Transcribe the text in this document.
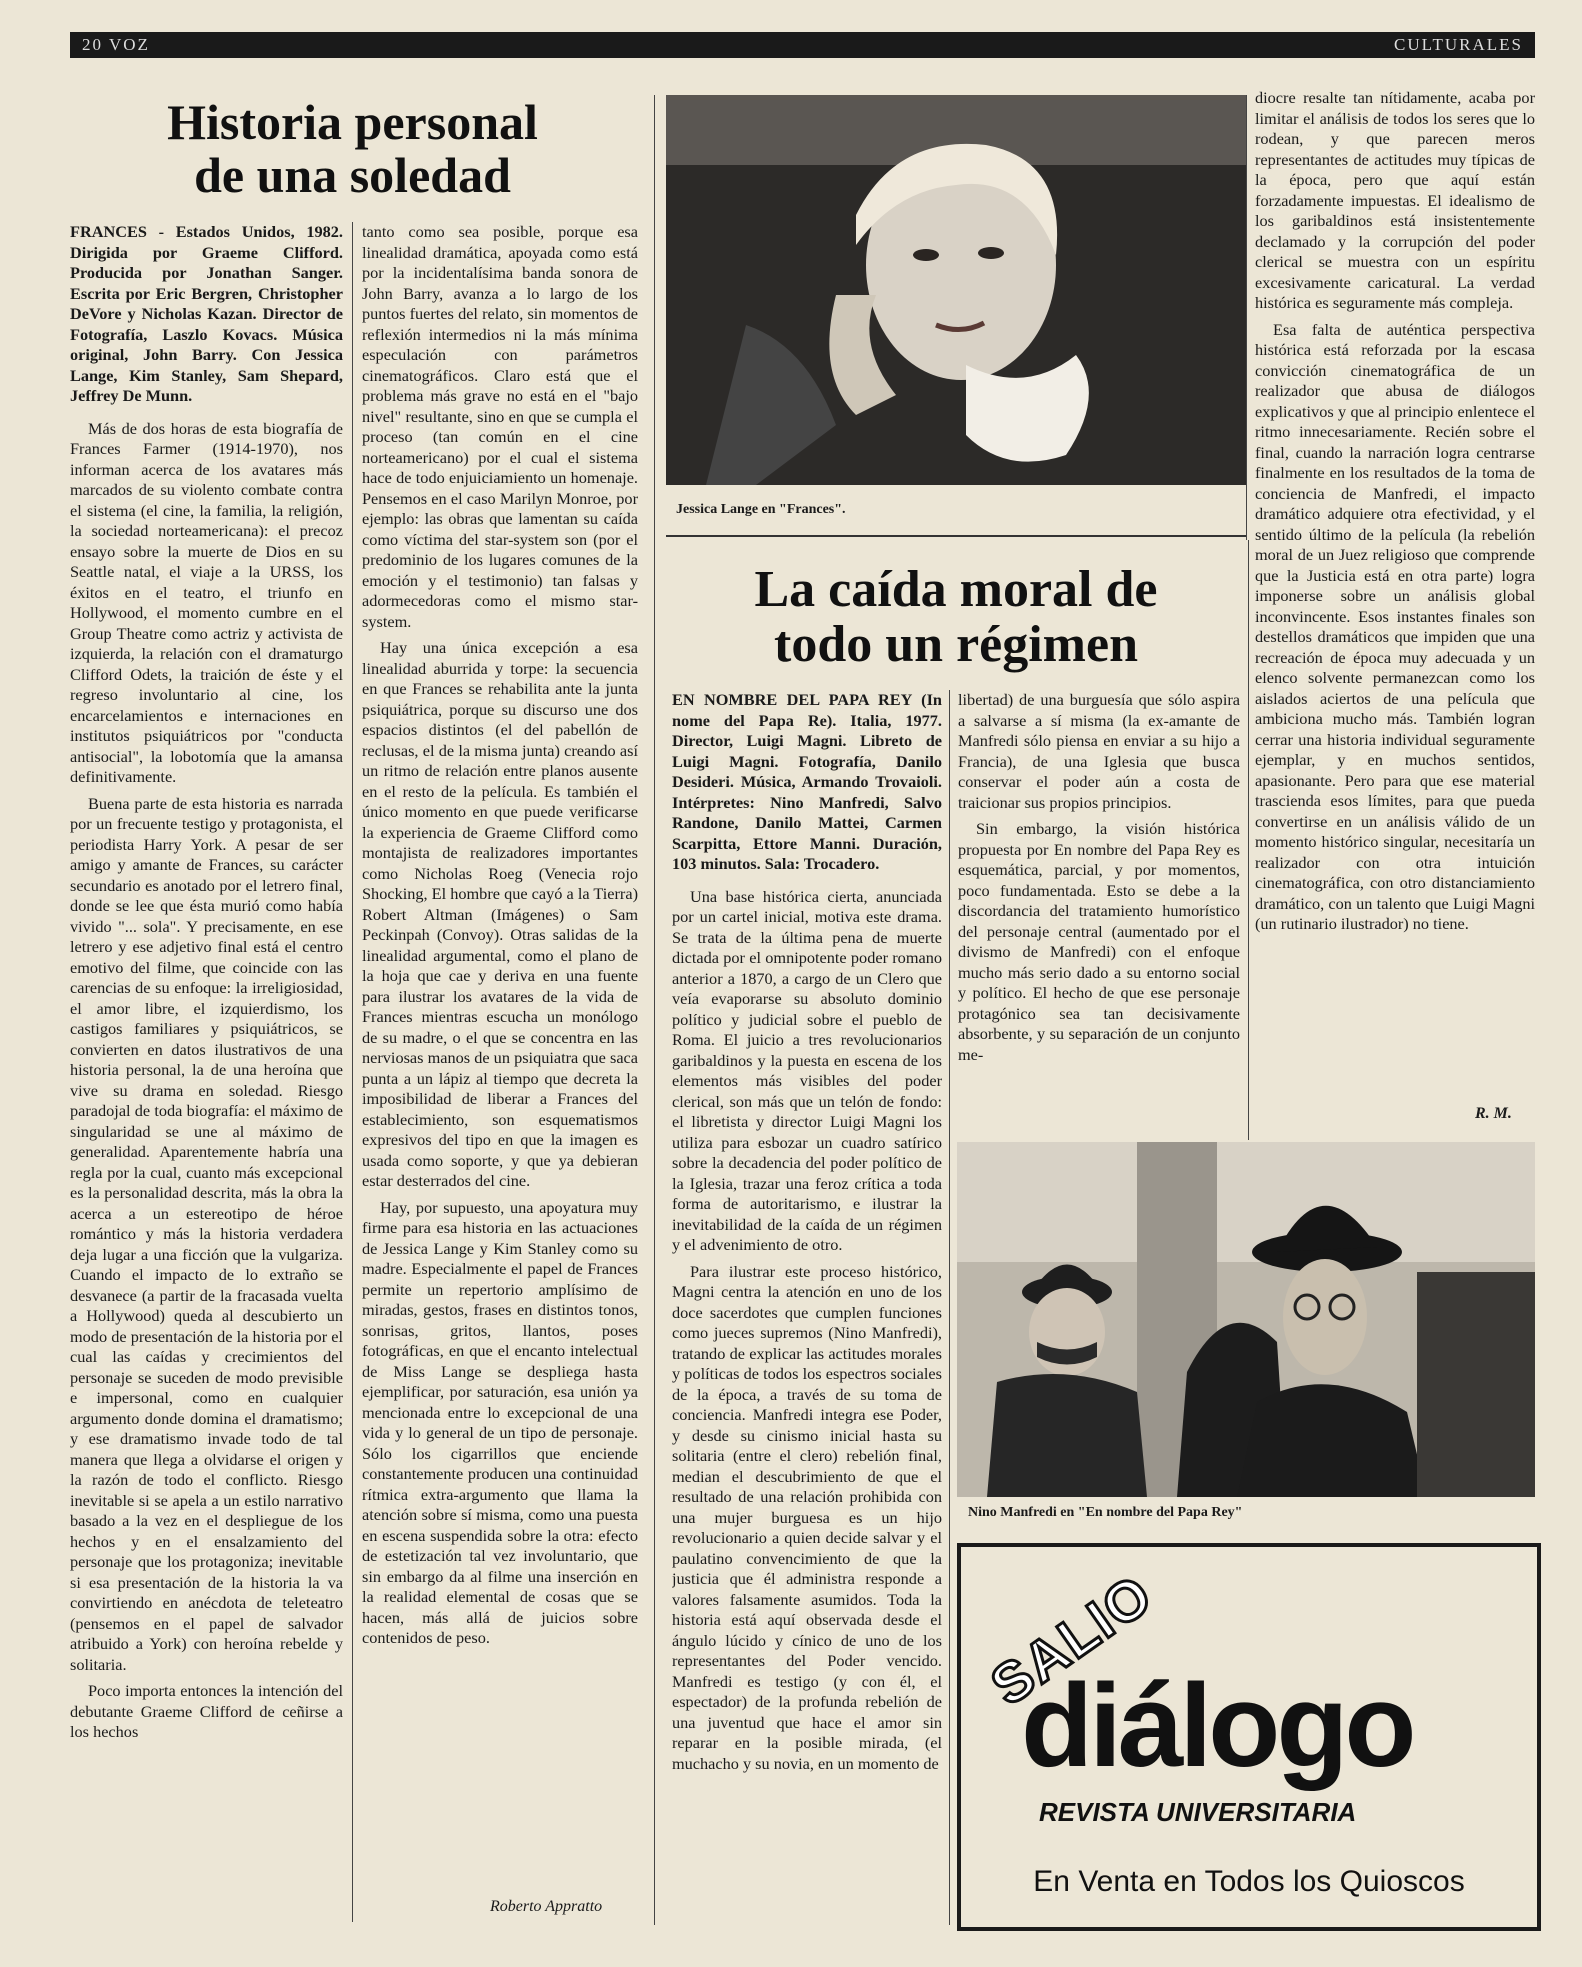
20 VOZ	CULTURALES
Historia personal
de una soledad

FRANCES - Estados Unidos, 1982. Dirigida por Graeme Clifford. Producida por Jonathan Sanger. Escrita por Eric Bergren, Christopher DeVore y Nicholas Kazan. Director de Fotografía, Laszlo Kovacs. Música original, John Barry. Con Jessica Lange, Kim Stanley, Sam Shepard, Jeffrey De Munn.

Más de dos horas de esta biografía de Frances Farmer (1914-1970), nos informan acerca de los avatares más marcados de su violento combate contra el sistema (el cine, la familia, la religión, la sociedad norteamericana): el precoz ensayo sobre la muerte de Dios en su Seattle natal, el viaje a la URSS, los éxitos en el teatro, el triunfo en Hollywood, el momento cumbre en el Group Theatre como actriz y activista de izquierda, la relación con el dramaturgo Clifford Odets, la traición de éste y el regreso involuntario al cine, los encarcelamientos e internaciones en institutos psiquiátricos por "conducta antisocial", la lobotomía que la amansa definitivamente.

Buena parte de esta historia es narrada por un frecuente testigo y protagonista, el periodista Harry York. A pesar de ser amigo y amante de Frances, su carácter secundario es anotado por el letrero final, donde se lee que ésta murió como había vivido "... sola". Y precisamente, en ese letrero y ese adjetivo final está el centro emotivo del filme, que coincide con las carencias de su enfoque: la irreligiosidad, el amor libre, el izquierdismo, los castigos familiares y psiquiátricos, se convierten en datos ilustrativos de una historia personal, la de una heroína que vive su drama en soledad. Riesgo paradojal de toda biografía: el máximo de singularidad se une al máximo de generalidad. Aparentemente habría una regla por la cual, cuanto más excepcional es la personalidad descrita, más la obra la acerca a un estereotipo de héroe romántico y más la historia verdadera deja lugar a una ficción que la vulgariza. Cuando el impacto de lo extraño se desvanece (a partir de la fracasada vuelta a Hollywood) queda al descubierto un modo de presentación de la historia por el cual las caídas y crecimientos del personaje se suceden de modo previsible e impersonal, como en cualquier argumento donde domina el dramatismo; y ese dramatismo invade todo de tal manera que llega a olvidarse el origen y la razón de todo el conflicto. Riesgo inevitable si se apela a un estilo narrativo basado a la vez en el despliegue de los hechos y en el ensalzamiento del personaje que los protagoniza; inevitable si esa presentación de la historia la va convirtiendo en anécdota de teleteatro (pensemos en el papel de salvador atribuido a York) con heroína rebelde y solitaria.

Poco importa entonces la intención del debutante Graeme Clifford de ceñirse a los hechos

tanto como sea posible, porque esa linealidad dramática, apoyada como está por la incidentalísima banda sonora de John Barry, avanza a lo largo de los puntos fuertes del relato, sin momentos de reflexión intermedios ni la más mínima especulación con parámetros cinematográficos. Claro está que el problema más grave no está en el "bajo nivel" resultante, sino en que se cumpla el proceso (tan común en el cine norteamericano) por el cual el sistema hace de todo enjuiciamiento un homenaje. Pensemos en el caso Marilyn Monroe, por ejemplo: las obras que lamentan su caída como víctima del star-system son (por el predominio de los lugares comunes de la emoción y el testimonio) tan falsas y adormecedoras como el mismo star-system.

Hay una única excepción a esa linealidad aburrida y torpe: la secuencia en que Frances se rehabilita ante la junta psiquiátrica, porque su discurso une dos espacios distintos (el del pabellón de reclusas, el de la misma junta) creando así un ritmo de relación entre planos ausente en el resto de la película. Es también el único momento en que puede verificarse la experiencia de Graeme Clifford como montajista de realizadores importantes como Nicholas Roeg (Venecia rojo Shocking, El hombre que cayó a la Tierra) Robert Altman (Imágenes) o Sam Peckinpah (Convoy). Otras salidas de la linealidad argumental, como el plano de la hoja que cae y deriva en una fuente para ilustrar los avatares de la vida de Frances mientras escucha un monólogo de su madre, o el que se concentra en las nerviosas manos de un psiquiatra que saca punta a un lápiz al tiempo que decreta la imposibilidad de liberar a Frances del establecimiento, son esquematismos expresivos del tipo en que la imagen es usada como soporte, y que ya debieran estar desterrados del cine.

Hay, por supuesto, una apoyatura muy firme para esa historia en las actuaciones de Jessica Lange y Kim Stanley como su madre. Especialmente el papel de Frances permite un repertorio amplísimo de miradas, gestos, frases en distintos tonos, sonrisas, gritos, llantos, poses fotográficas, en que el encanto intelectual de Miss Lange se despliega hasta ejemplificar, por saturación, esa unión ya mencionada entre lo excepcional de una vida y lo general de un tipo de personaje. Sólo los cigarrillos que enciende constantemente producen una continuidad rítmica extra-argumento que llama la atención sobre sí misma, como una puesta en escena suspendida sobre la otra: efecto de estetización tal vez involuntario, que sin embargo da al filme una inserción en la realidad elemental de cosas que se hacen, más allá de juicios sobre contenidos de peso.

Roberto Appratto
Jessica Lange en "Frances".
La caída moral de
todo un régimen

EN NOMBRE DEL PAPA REY (In nome del Papa Re). Italia, 1977. Director, Luigi Magni. Libreto de Luigi Magni. Fotografía, Danilo Desideri. Música, Armando Trovaioli. Intérpretes: Nino Manfredi, Salvo Randone, Danilo Mattei, Carmen Scarpitta, Ettore Manni. Duración, 103 minutos. Sala: Trocadero.

Una base histórica cierta, anunciada por un cartel inicial, motiva este drama. Se trata de la última pena de muerte dictada por el omnipotente poder romano anterior a 1870, a cargo de un Clero que veía evaporarse su absoluto dominio político y judicial sobre el pueblo de Roma. El juicio a tres revolucionarios garibaldinos y la puesta en escena de los elementos más visibles del poder clerical, son más que un telón de fondo: el libretista y director Luigi Magni los utiliza para esbozar un cuadro satírico sobre la decadencia del poder político de la Iglesia, trazar una feroz crítica a toda forma de autoritarismo, e ilustrar la inevitabilidad de la caída de un régimen y el advenimiento de otro.

Para ilustrar este proceso histórico, Magni centra la atención en uno de los doce sacerdotes que cumplen funciones como jueces supremos (Nino Manfredi), tratando de explicar las actitudes morales y políticas de todos los espectros sociales de la época, a través de su toma de conciencia. Manfredi integra ese Poder, y desde su cinismo inicial hasta su solitaria (entre el clero) rebelión final, median el descubrimiento de que el resultado de una relación prohibida con una mujer burguesa es un hijo revolucionario a quien decide salvar y el paulatino convencimiento de que la justicia que él administra responde a valores falsamente asumidos. Toda la historia está aquí observada desde el ángulo lúcido y cínico de uno de los representantes del Poder vencido. Manfredi es testigo (y con él, el espectador) de la profunda rebelión de una juventud que hace el amor sin reparar en la posible mirada, (el muchacho y su novia, en un momento de

libertad) de una burguesía que sólo aspira a salvarse a sí misma (la ex-amante de Manfredi sólo piensa en enviar a su hijo a Francia), de una Iglesia que busca conservar el poder aún a costa de traicionar sus propios principios.

Sin embargo, la visión histórica propuesta por En nombre del Papa Rey es esquemática, parcial, y por momentos, poco fundamentada. Esto se debe a la discordancia del tratamiento humorístico del personaje central (aumentado por el divismo de Manfredi) con el enfoque mucho más serio dado a su entorno social y político. El hecho de que ese personaje protagónico sea tan decisivamente absorbente, y su separación de un conjunto me-

diocre resalte tan nítidamente, acaba por limitar el análisis de todos los seres que lo rodean, y que parecen meros representantes de actitudes muy típicas de la época, pero que aquí están forzadamente impuestas. El idealismo de los garibaldinos está insistentemente declamado y la corrupción del poder clerical se muestra con un espíritu excesivamente caricatural. La verdad histórica es seguramente más compleja.

Esa falta de auténtica perspectiva histórica está reforzada por la escasa convicción cinematográfica de un realizador que abusa de diálogos explicativos y que al principio enlentece el ritmo innecesariamente. Recién sobre el final, cuando la narración logra centrarse finalmente en los resultados de la toma de conciencia de Manfredi, el impacto dramático adquiere otra efectividad, y el sentido último de la película (la rebelión moral de un Juez religioso que comprende que la Justicia está en otra parte) logra imponerse sobre un análisis global inconvincente. Esos instantes finales son destellos dramáticos que impiden que una recreación de época muy adecuada y un elenco solvente permanezcan como los aislados aciertos de una película que ambiciona mucho más. También logran cerrar una historia individual seguramente ejemplar, y en muchos sentidos, apasionante. Pero para que ese material trascienda esos límites, para que pueda convertirse en un análisis válido de un momento histórico singular, necesitaría un realizador con otra intuición cinematográfica, con otro distanciamiento dramático, con un talento que Luigi Magni (un rutinario ilustrador) no tiene.

R. M.
Nino Manfredi en "En nombre del Papa Rey"
SALIO
diálogo
REVISTA UNIVERSITARIA
En Venta en Todos los Quioscos
